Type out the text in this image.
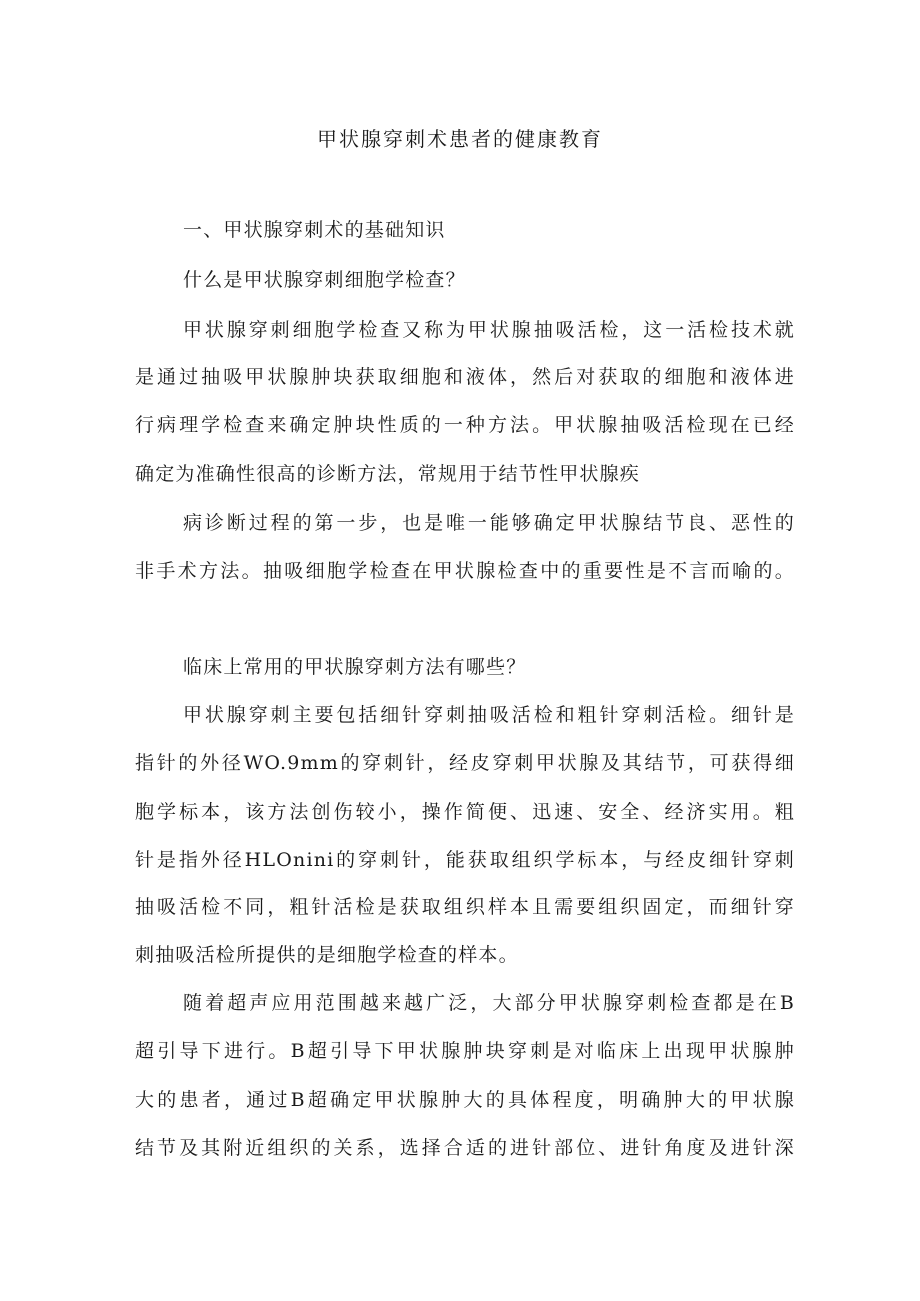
甲状腺穿刺术患者的健康教育
一、甲状腺穿刺术的基础知识
什么是甲状腺穿刺细胞学检查？
甲状腺穿刺细胞学检查又称为甲状腺抽吸活检，这一活检技术就
是通过抽吸甲状腺肿块获取细胞和液体，然后对获取的细胞和液体进
行病理学检查来确定肿块性质的一种方法。甲状腺抽吸活检现在已经
确定为准确性很高的诊断方法，常规用于结节性甲状腺疾
病诊断过程的第一步，也是唯一能够确定甲状腺结节良、恶性的
非手术方法。抽吸细胞学检查在甲状腺检查中的重要性是不言而喻的。
临床上常用的甲状腺穿刺方法有哪些？
甲状腺穿刺主要包括细针穿刺抽吸活检和粗针穿刺活检。细针是
指针的外径WO.9mm的穿刺针，经皮穿刺甲状腺及其结节，可获得细
胞学标本，该方法创伤较小，操作简便、迅速、安全、经济实用。粗
针是指外径HLOnini的穿刺针，能获取组织学标本，与经皮细针穿刺
抽吸活检不同，粗针活检是获取组织样本且需要组织固定，而细针穿
刺抽吸活检所提供的是细胞学检查的样本。
随着超声应用范围越来越广泛，大部分甲状腺穿刺检查都是在B
超引导下进行。B超引导下甲状腺肿块穿刺是对临床上出现甲状腺肿
大的患者，通过B超确定甲状腺肿大的具体程度，明确肿大的甲状腺
结节及其附近组织的关系，选择合适的进针部位、进针角度及进针深
